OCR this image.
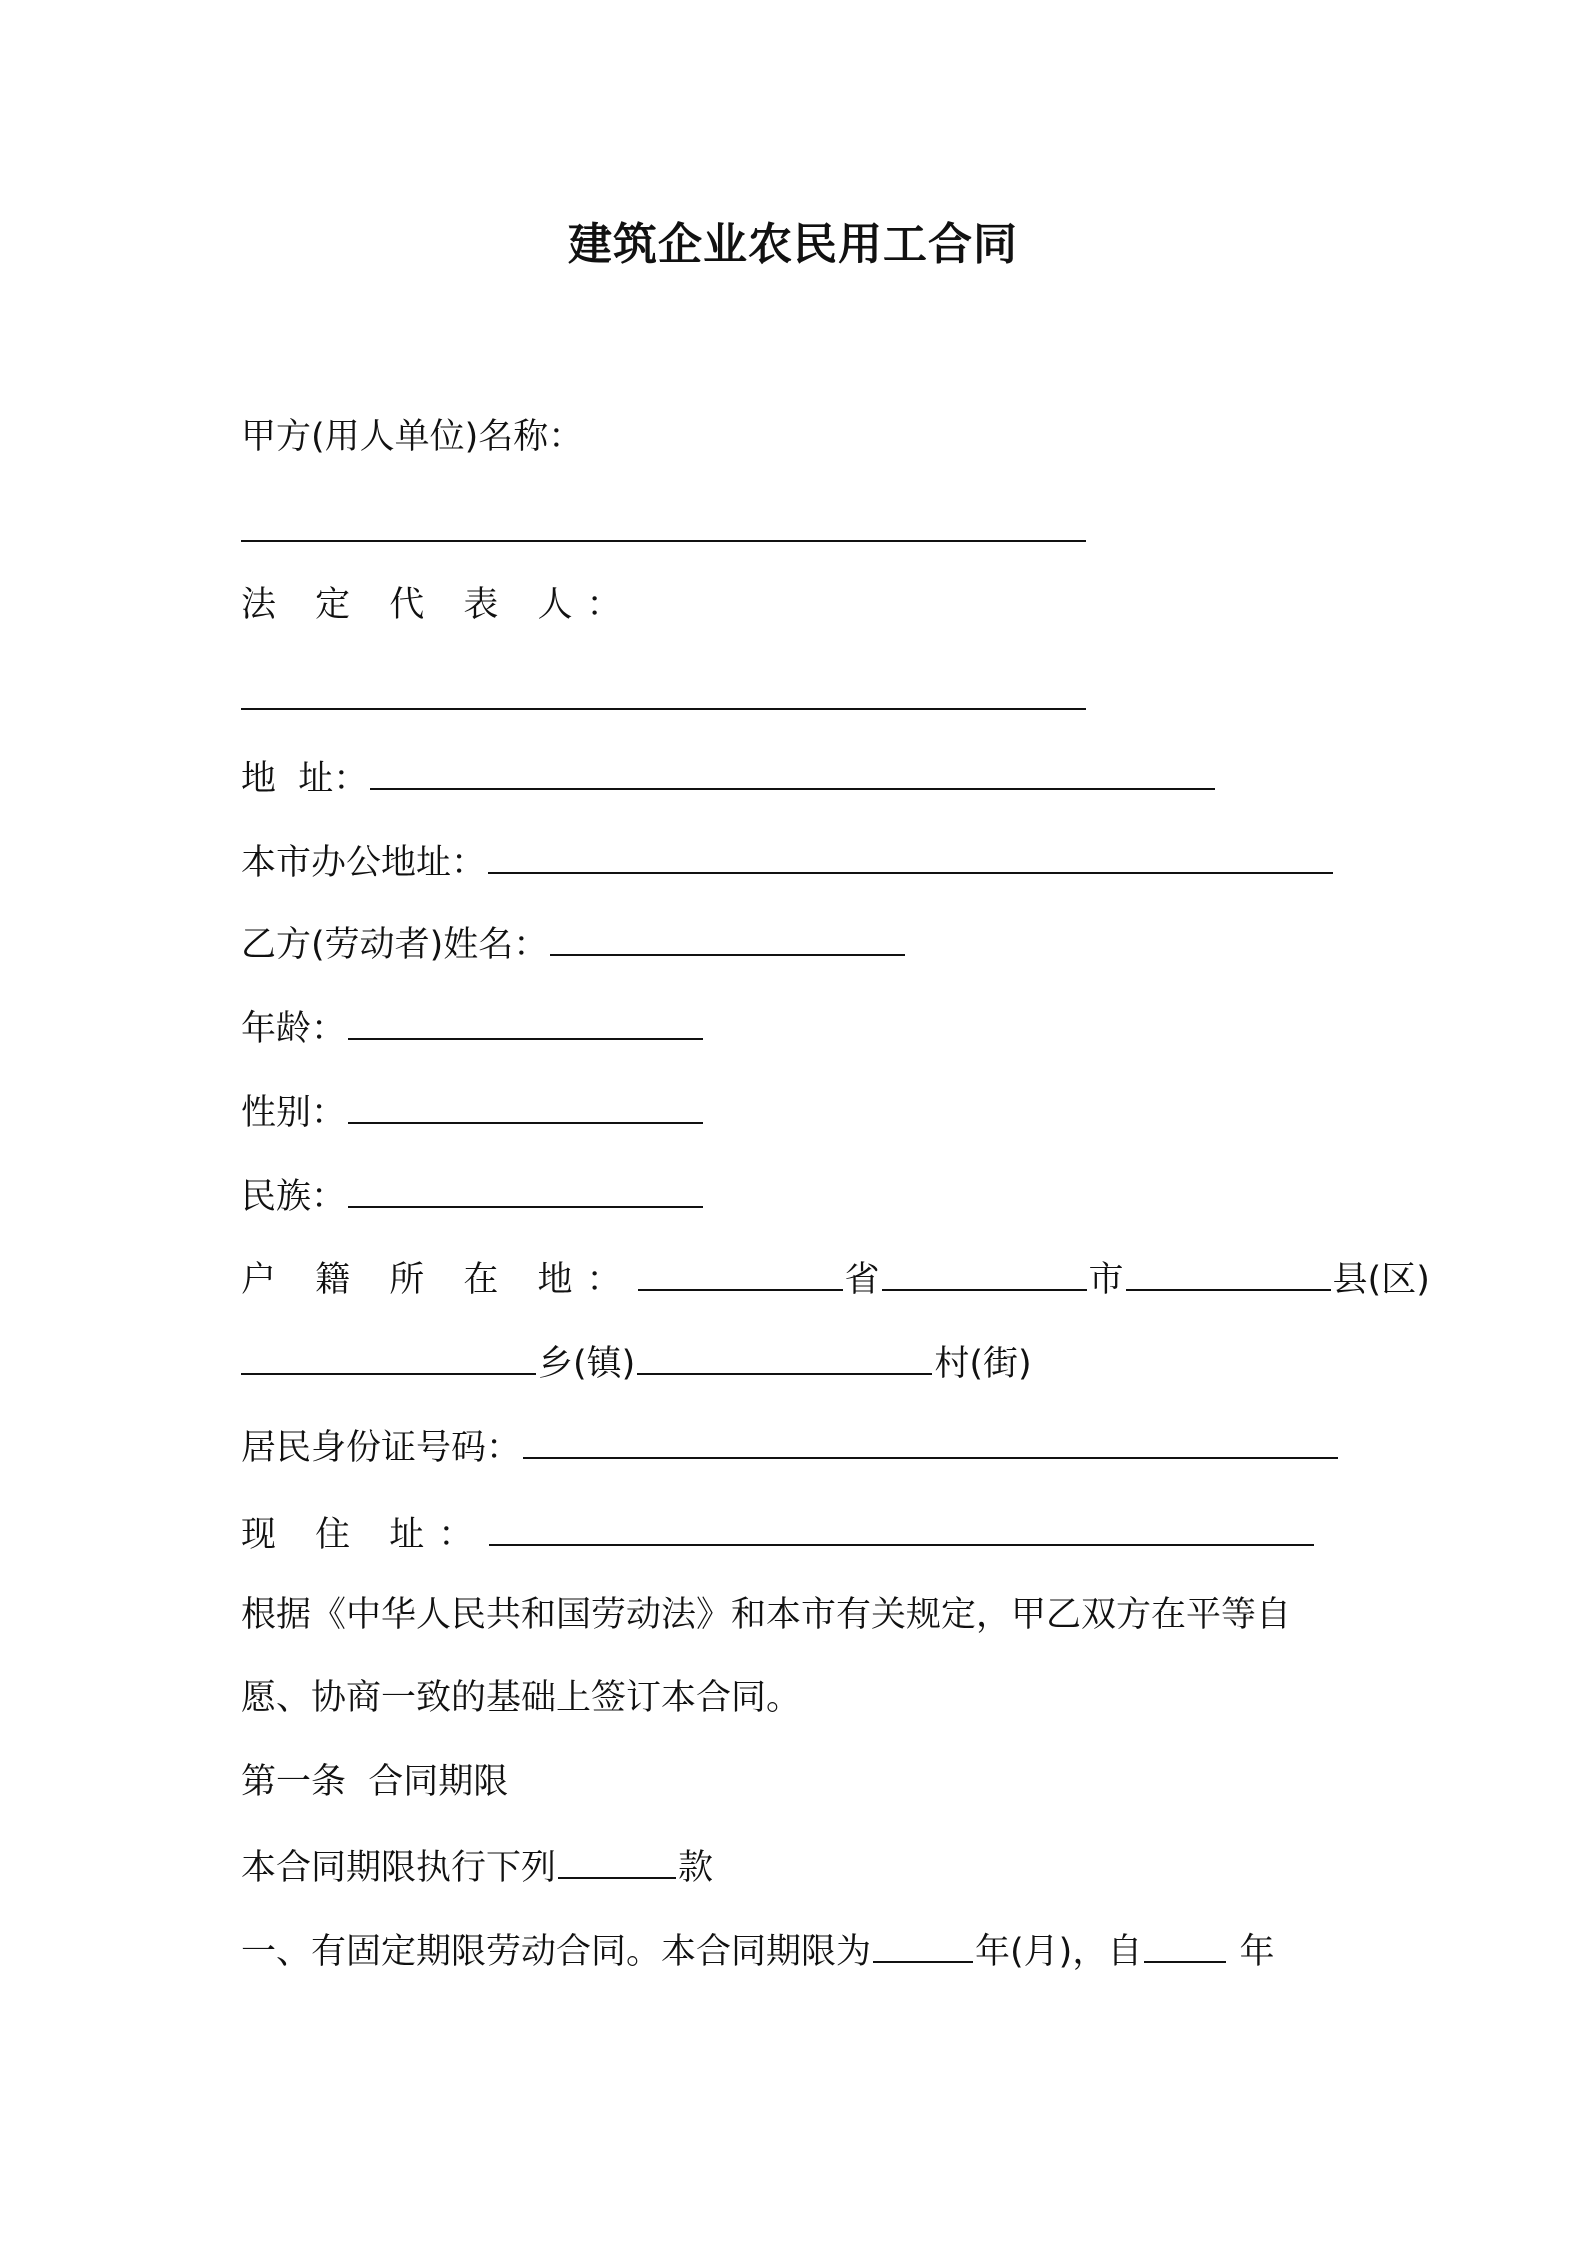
建筑企业农民用工合同
甲方(用人单位)名称：
法 定 代 表 人：
地  址：
本市办公地址：
乙方(劳动者)姓名：
年龄：
性别：
民族：
户 籍 所 在 地：	省	市	县(区)
乡(镇)	村(街)
居民身份证号码：
现 住 址：
根据《中华人民共和国劳动法》和本市有关规定，甲乙双方在平等自
愿、协商一致的基础上签订本合同。
第一条  合同期限
本合同期限执行下列	款
一、有固定期限劳动合同。本合同期限为	年(月)，自 年
